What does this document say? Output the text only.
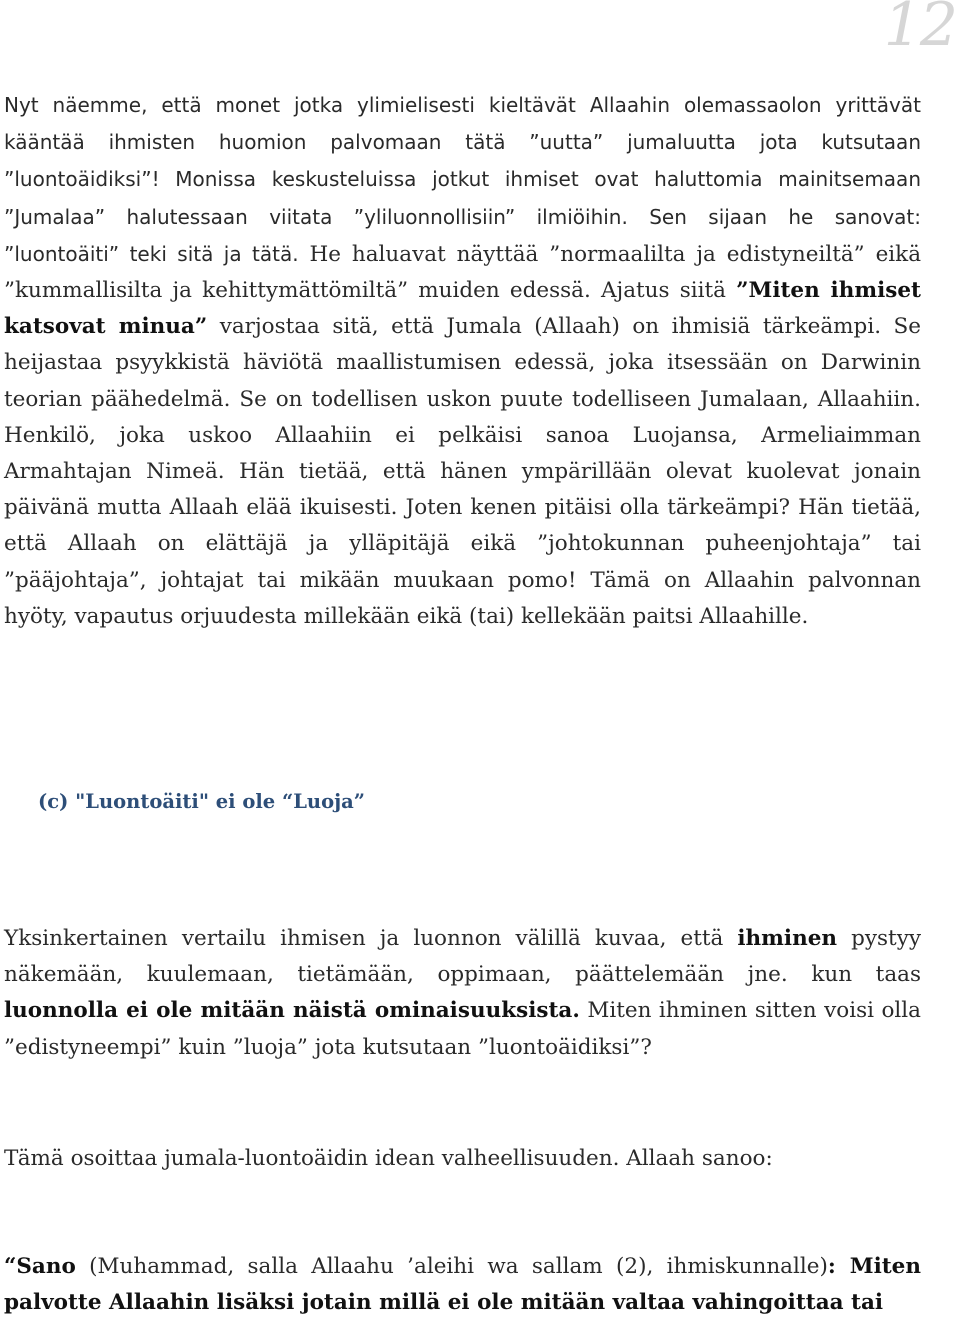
12

Nyt näemme, että monet jotka ylimielisesti kieltävät Allaahin olemassaolon yrittävät kääntää ihmisten huomion palvomaan tätä ”uutta” jumaluutta jota kutsutaan ”luontoäidiksi”! Monissa keskusteluissa jotkut ihmiset ovat haluttomia mainitsemaan ”Jumalaa” halutessaan viitata ”yliluonnollisiin” ilmiöihin. Sen sijaan he sanovat: ”luontoäiti” teki sitä ja tätä. He haluavat näyttää ”normaalilta ja edistyneiltä” eikä ”kummallisilta ja kehittymättömiltä” muiden edessä. Ajatus siitä ”Miten ihmiset katsovat minua” varjostaa sitä, että Jumala (Allaah) on ihmisiä tärkeämpi. Se heijastaa psyykkistä häviötä maallistumisen edessä, joka itsessään on Darwinin teorian päähedelmä. Se on todellisen uskon puute todelliseen Jumalaan, Allaahiin. Henkilö, joka uskoo Allaahiin ei pelkäisi sanoa Luojansa, Armeliaimman Armahtajan Nimeä. Hän tietää, että hänen ympärillään olevat kuolevat jonain päivänä mutta Allaah elää ikuisesti. Joten kenen pitäisi olla tärkeämpi? Hän tietää, että Allaah on elättäjä ja ylläpitäjä eikä ”johtokunnan puheenjohtaja” tai ”pääjohtaja”, johtajat tai mikään muukaan pomo! Tämä on Allaahin palvonnan hyöty, vapautus orjuudesta millekään eikä (tai) kellekään paitsi Allaahille.

(c) "Luontoäiti" ei ole “Luoja”

Yksinkertainen vertailu ihmisen ja luonnon välillä kuvaa, että ihminen pystyy näkemään, kuulemaan, tietämään, oppimaan, päättelemään jne. kun taas luonnolla ei ole mitään näistä ominaisuuksista. Miten ihminen sitten voisi olla ”edistyneempi” kuin ”luoja” jota kutsutaan ”luontoäidiksi”?

Tämä osoittaa jumala-luontoäidin idean valheellisuuden. Allaah sanoo:

“Sano (Muhammad, salla Allaahu ’aleihi wa sallam (2), ihmiskunnalle): Miten palvotte Allaahin lisäksi jotain millä ei ole mitään valtaa vahingoittaa tai
